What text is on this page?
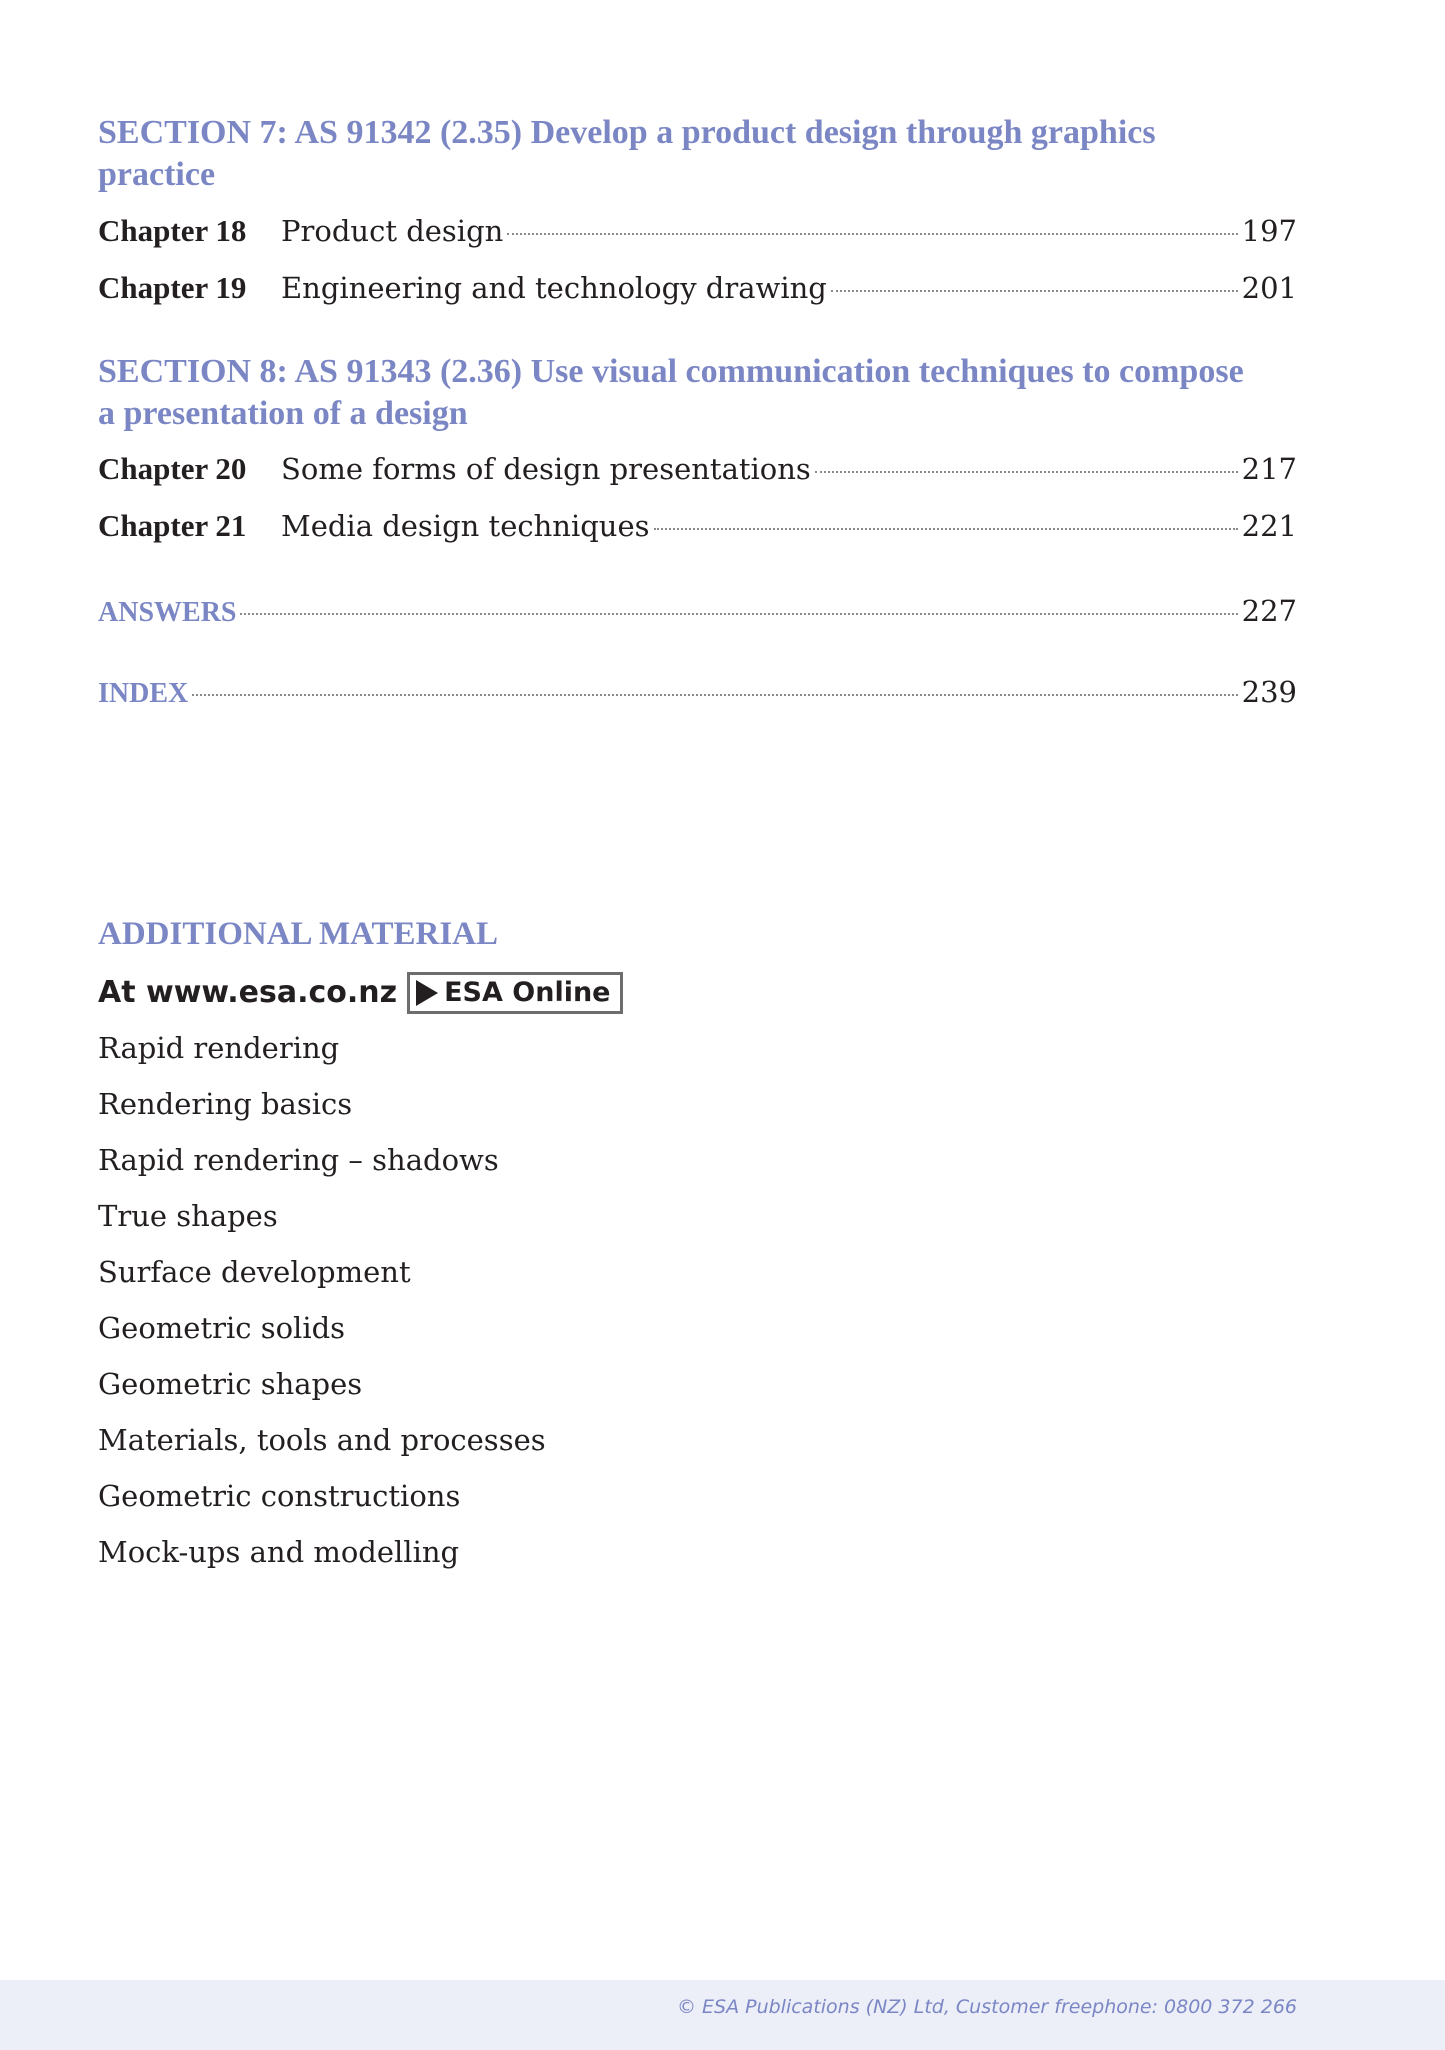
SECTION 7: AS 91342 (2.35) Develop a product design through graphics
practice
Chapter 18	Product design	197
Chapter 19	Engineering and technology drawing	201
SECTION 8: AS 91343 (2.36) Use visual communication techniques to compose
a presentation of a design
Chapter 20	Some forms of design presentations	217
Chapter 21	Media design techniques	221
ANSWERS	227
INDEX	239
ADDITIONAL MATERIAL
At www.esa.co.nz ESA Online
Rapid rendering
Rendering basics
Rapid rendering – shadows
True shapes
Surface development
Geometric solids
Geometric shapes
Materials, tools and processes
Geometric constructions
Mock-ups and modelling
© ESA Publications (NZ) Ltd, Customer freephone: 0800 372 266
